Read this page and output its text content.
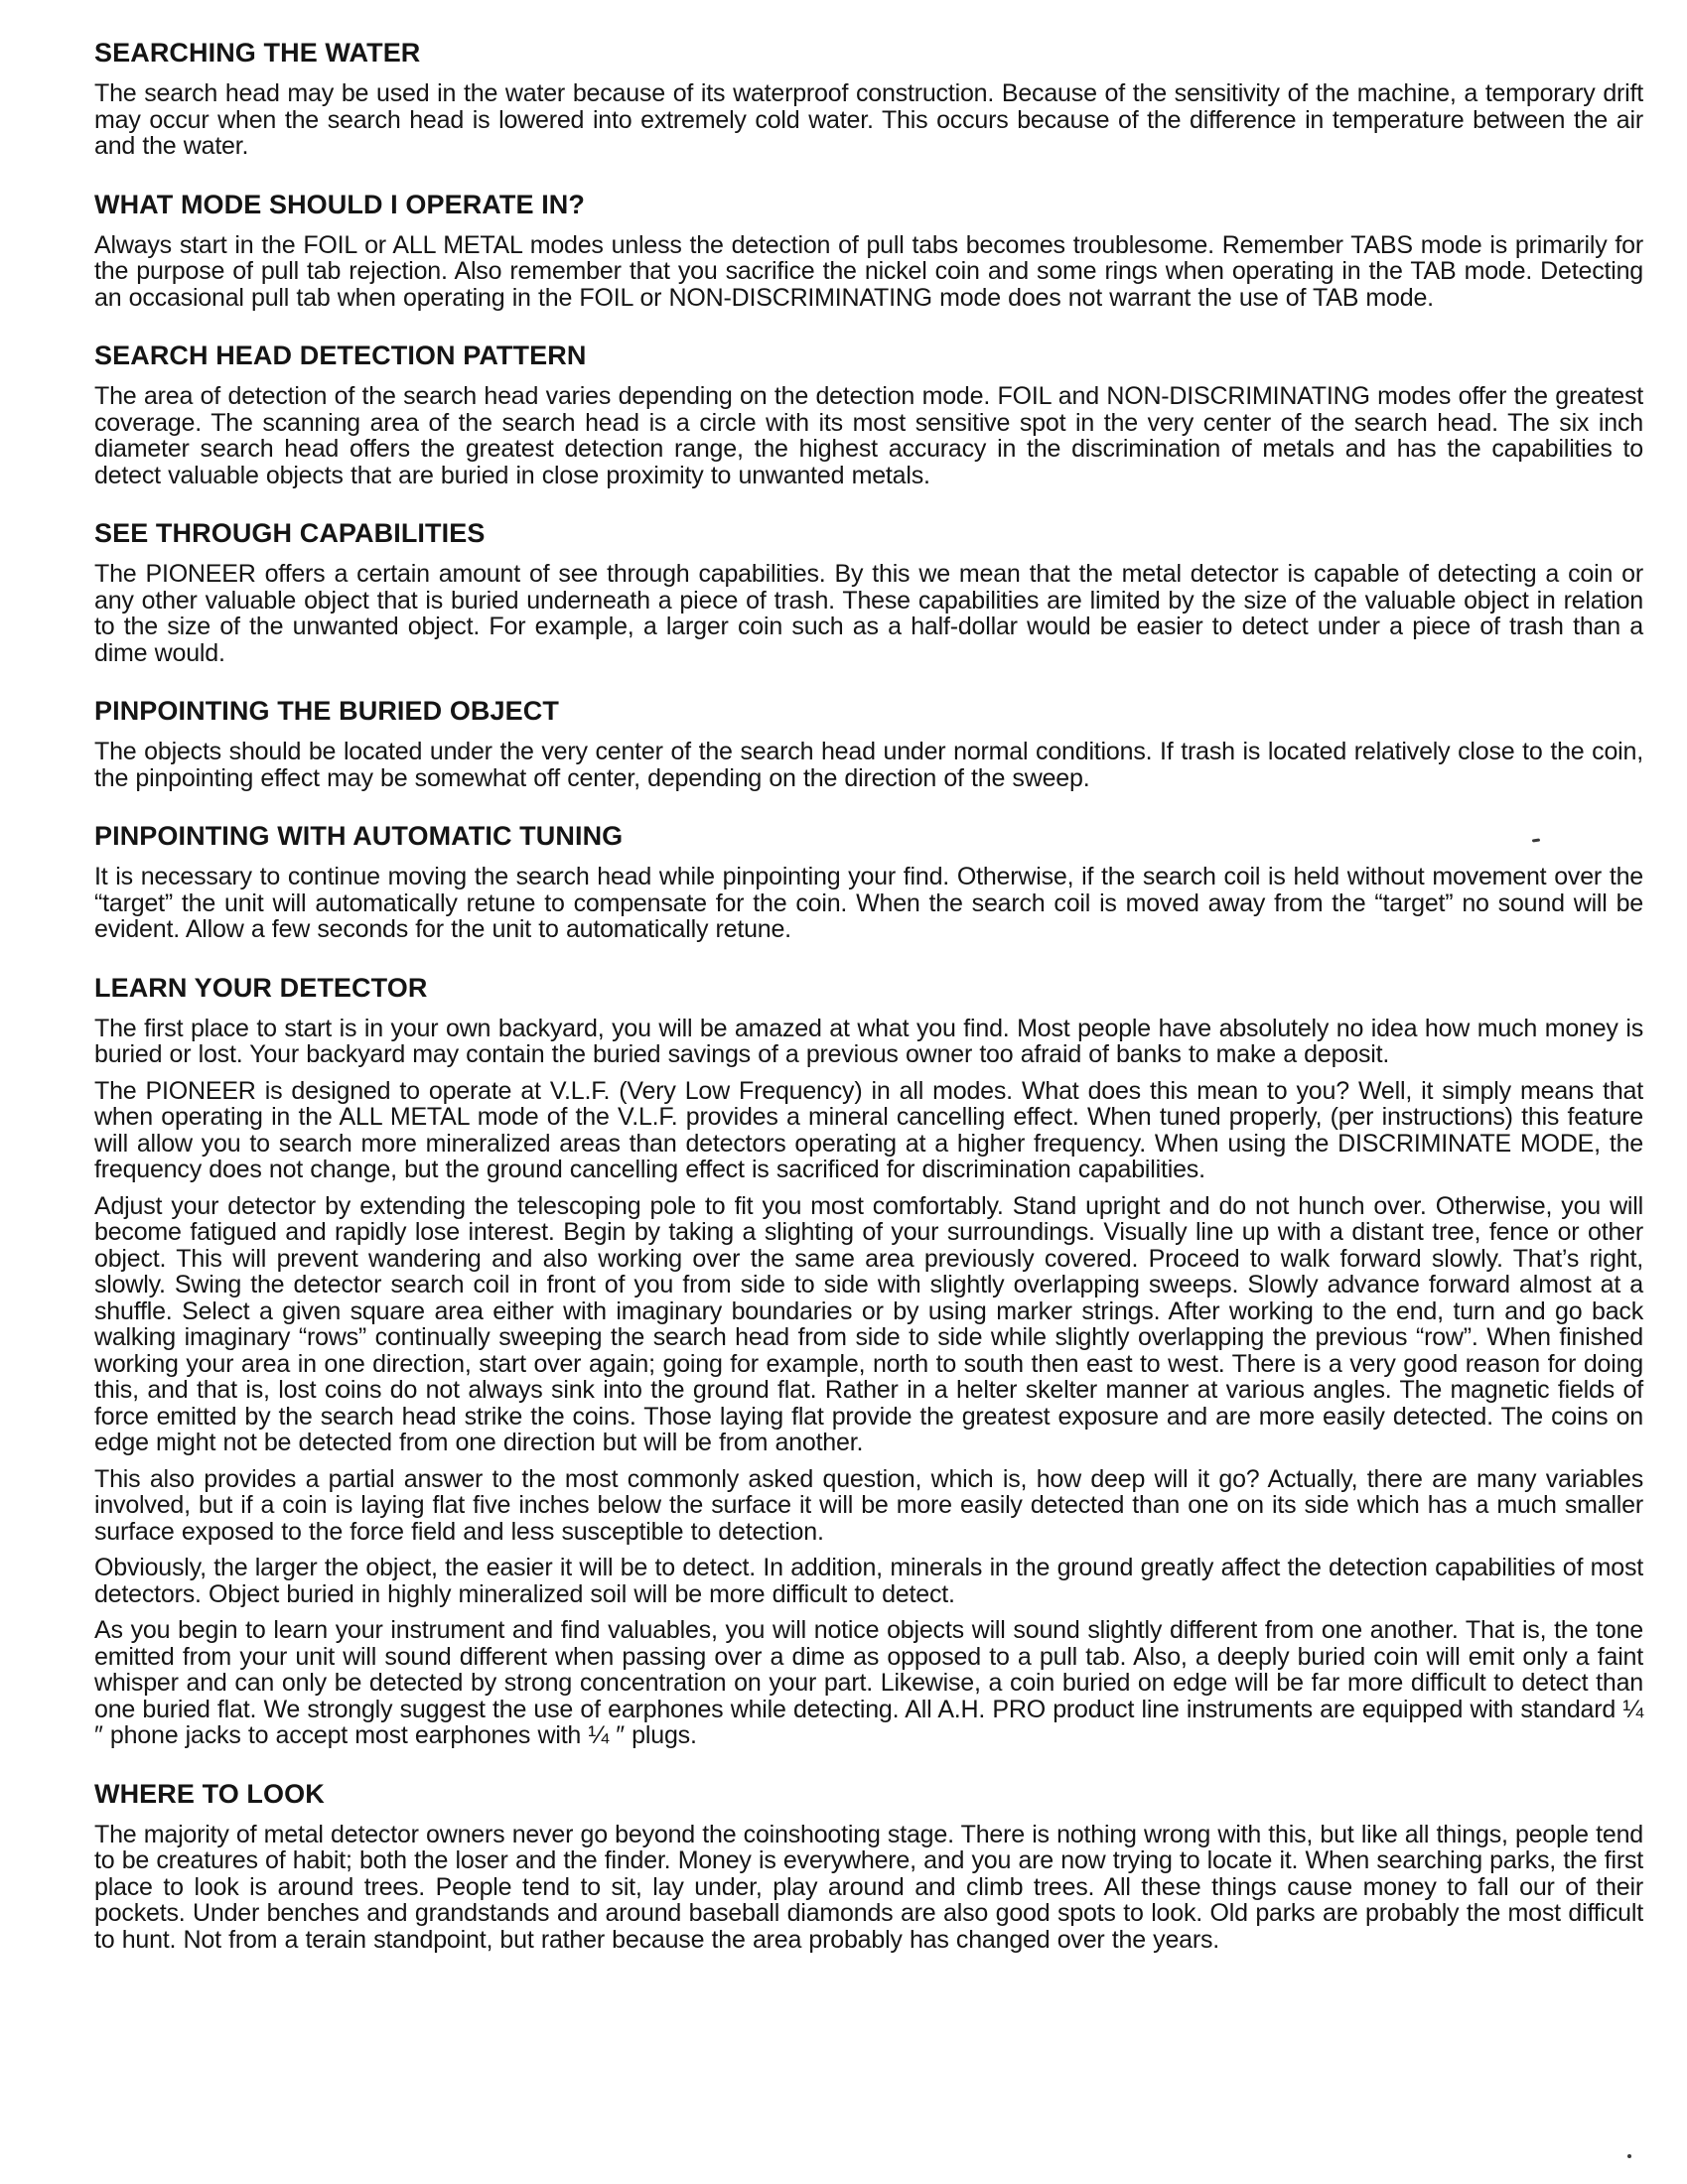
SEARCHING THE WATER

The search head may be used in the water because of its waterproof construction. Because of the sensitivity of the machine, a temporary drift may occur when the search head is lowered into extremely cold water. This occurs because of the difference in temperature between the air and the water.

WHAT MODE SHOULD I OPERATE IN?

Always start in the FOIL or ALL METAL modes unless the detection of pull tabs becomes troublesome. Remember TABS mode is primarily for the purpose of pull tab rejection. Also remember that you sacrifice the nickel coin and some rings when operating in the TAB mode. Detecting an occasional pull tab when operating in the FOIL or NON-DISCRIMINATING mode does not warrant the use of TAB mode.

SEARCH HEAD DETECTION PATTERN

The area of detection of the search head varies depending on the detection mode. FOIL and NON-DISCRIMINATING modes offer the greatest coverage. The scanning area of the search head is a circle with its most sensitive spot in the very center of the search head. The six inch diameter search head offers the greatest detection range, the highest accuracy in the discrimination of metals and has the capabilities to detect valuable objects that are buried in close proximity to unwanted metals.

SEE THROUGH CAPABILITIES

The PIONEER offers a certain amount of see through capabilities. By this we mean that the metal detector is capable of detecting a coin or any other valuable object that is buried underneath a piece of trash. These capabilities are limited by the size of the valuable object in relation to the size of the unwanted object. For example, a larger coin such as a half-dollar would be easier to detect under a piece of trash than a dime would.

PINPOINTING THE BURIED OBJECT

The objects should be located under the very center of the search head under normal conditions. If trash is located relatively close to the coin, the pinpointing effect may be somewhat off center, depending on the direction of the sweep.

PINPOINTING WITH AUTOMATIC TUNING

It is necessary to continue moving the search head while pinpointing your find. Otherwise, if the search coil is held without movement over the “target” the unit will automatically retune to compensate for the coin. When the search coil is moved away from the “target” no sound will be evident. Allow a few seconds for the unit to automatically retune.

LEARN YOUR DETECTOR

The first place to start is in your own backyard, you will be amazed at what you find. Most people have absolutely no idea how much money is buried or lost. Your backyard may contain the buried savings of a previous owner too afraid of banks to make a deposit.

The PIONEER is designed to operate at V.L.F. (Very Low Frequency) in all modes. What does this mean to you? Well, it simply means that when operating in the ALL METAL mode of the V.L.F. provides a mineral cancelling effect. When tuned properly, (per instructions) this feature will allow you to search more mineralized areas than detectors operating at a higher frequency. When using the DISCRIMINATE MODE, the frequency does not change, but the ground cancelling effect is sacrificed for discrimination capabilities.

Adjust your detector by extending the telescoping pole to fit you most comfortably. Stand upright and do not hunch over. Otherwise, you will become fatigued and rapidly lose interest. Begin by taking a slighting of your surroundings. Visually line up with a distant tree, fence or other object. This will prevent wandering and also working over the same area previously covered. Proceed to walk forward slowly. That’s right, slowly. Swing the detector search coil in front of you from side to side with slightly overlapping sweeps. Slowly advance forward almost at a shuffle. Select a given square area either with imaginary boundaries or by using marker strings. After working to the end, turn and go back walking imaginary “rows” continually sweeping the search head from side to side while slightly overlapping the previous “row”. When finished working your area in one direction, start over again; going for example, north to south then east to west. There is a very good reason for doing this, and that is, lost coins do not always sink into the ground flat. Rather in a helter skelter manner at various angles. The magnetic fields of force emitted by the search head strike the coins. Those laying flat provide the greatest exposure and are more easily detected. The coins on edge might not be detected from one direction but will be from another.

This also provides a partial answer to the most commonly asked question, which is, how deep will it go? Actually, there are many variables involved, but if a coin is laying flat five inches below the surface it will be more easily detected than one on its side which has a much smaller surface exposed to the force field and less susceptible to detection.

Obviously, the larger the object, the easier it will be to detect. In addition, minerals in the ground greatly affect the detection capabilities of most detectors. Object buried in highly mineralized soil will be more difficult to detect.

As you begin to learn your instrument and find valuables, you will notice objects will sound slightly different from one another. That is, the tone emitted from your unit will sound different when passing over a dime as opposed to a pull tab. Also, a deeply buried coin will emit only a faint whisper and can only be detected by strong concentration on your part. Likewise, a coin buried on edge will be far more difficult to detect than one buried flat. We strongly suggest the use of earphones while detecting. All A.H. PRO product line instruments are equipped with standard ¼ ″ phone jacks to accept most earphones with ¼ ″ plugs.

WHERE TO LOOK

The majority of metal detector owners never go beyond the coinshooting stage. There is nothing wrong with this, but like all things, people tend to be creatures of habit; both the loser and the finder. Money is everywhere, and you are now trying to locate it. When searching parks, the first place to look is around trees. People tend to sit, lay under, play around and climb trees. All these things cause money to fall our of their pockets. Under benches and grandstands and around baseball diamonds are also good spots to look. Old parks are probably the most difficult to hunt. Not from a terain standpoint, but rather because the area probably has changed over the years.
